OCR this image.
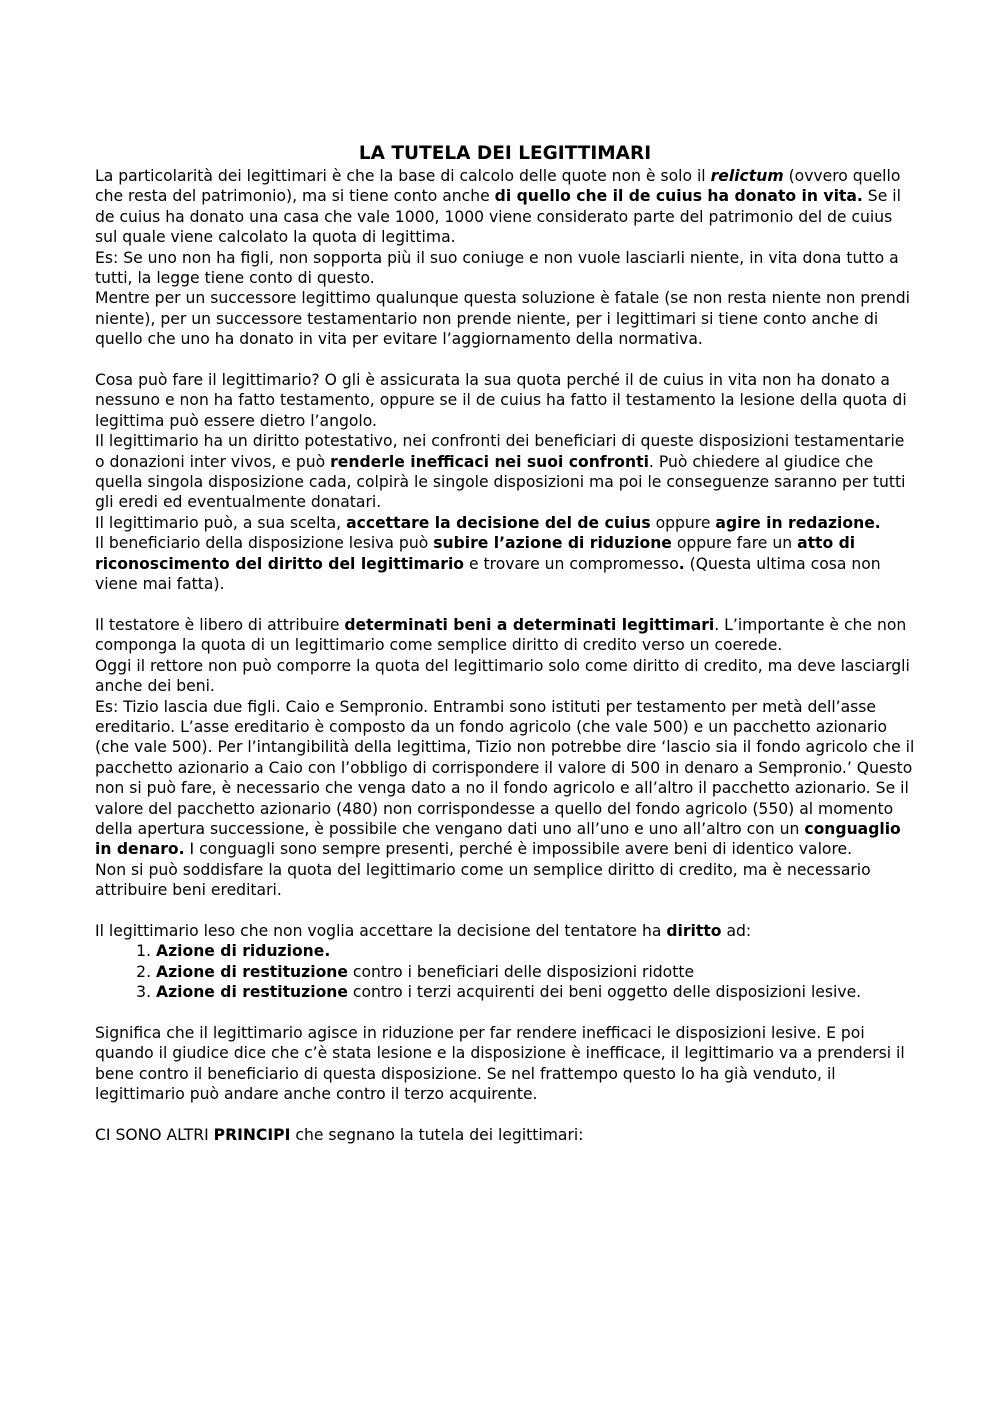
LA TUTELA DEI LEGITTIMARI

La particolarità dei legittimari è che la base di calcolo delle quote non è solo il relictum (ovvero quello che resta del patrimonio), ma si tiene conto anche di quello che il de cuius ha donato in vita. Se il de cuius ha donato una casa che vale 1000, 1000 viene considerato parte del patrimonio del de cuius sul quale viene calcolato la quota di legittima.

Es: Se uno non ha figli, non sopporta più il suo coniuge e non vuole lasciarli niente, in vita dona tutto a tutti, la legge tiene conto di questo.

Mentre per un successore legittimo qualunque questa soluzione è fatale (se non resta niente non prendi niente), per un successore testamentario non prende niente, per i legittimari si tiene conto anche di quello che uno ha donato in vita per evitare l’aggiornamento della normativa.

Cosa può fare il legittimario? O gli è assicurata la sua quota perché il de cuius in vita non ha donato a nessuno e non ha fatto testamento, oppure se il de cuius ha fatto il testamento la lesione della quota di legittima può essere dietro l’angolo.

Il legittimario ha un diritto potestativo, nei confronti dei beneficiari di queste disposizioni testamentarie o donazioni inter vivos, e può renderle inefficaci nei suoi confronti. Può chiedere al giudice che quella singola disposizione cada, colpirà le singole disposizioni ma poi le conseguenze saranno per tutti gli eredi ed eventualmente donatari.

Il legittimario può, a sua scelta, accettare la decisione del de cuius oppure agire in redazione.

Il beneficiario della disposizione lesiva può subire l’azione di riduzione oppure fare un atto di riconoscimento del diritto del legittimario e trovare un compromesso. (Questa ultima cosa non viene mai fatta).

Il testatore è libero di attribuire determinati beni a determinati legittimari. L’importante è che non componga la quota di un legittimario come semplice diritto di credito verso un coerede.

Oggi il rettore non può comporre la quota del legittimario solo come diritto di credito, ma deve lasciargli anche dei beni.

Es: Tizio lascia due figli. Caio e Sempronio. Entrambi sono istituti per testamento per metà dell’asse ereditario. L’asse ereditario è composto da un fondo agricolo (che vale 500) e un pacchetto azionario (che vale 500). Per l’intangibilità della legittima, Tizio non potrebbe dire ‘lascio sia il fondo agricolo che il pacchetto azionario a Caio con l’obbligo di corrispondere il valore di 500 in denaro a Sempronio.’ Questo non si può fare, è necessario che venga dato a no il fondo agricolo e all’altro il pacchetto azionario. Se il valore del pacchetto azionario (480) non corrispondesse a quello del fondo agricolo (550) al momento della apertura successione, è possibile che vengano dati uno all’uno e uno all’altro con un conguaglio in denaro. I conguagli sono sempre presenti, perché è impossibile avere beni di identico valore.

Non si può soddisfare la quota del legittimario come un semplice diritto di credito, ma è necessario attribuire beni ereditari.

Il legittimario leso che non voglia accettare la decisione del tentatore ha diritto ad:

1. Azione di riduzione.
2. Azione di restituzione contro i beneficiari delle disposizioni ridotte
3. Azione di restituzione contro i terzi acquirenti dei beni oggetto delle disposizioni lesive.

Significa che il legittimario agisce in riduzione per far rendere inefficaci le disposizioni lesive. E poi quando il giudice dice che c’è stata lesione e la disposizione è inefficace, il legittimario va a prendersi il bene contro il beneficiario di questa disposizione. Se nel frattempo questo lo ha già venduto, il legittimario può andare anche contro il terzo acquirente.

CI SONO ALTRI PRINCIPI che segnano la tutela dei legittimari:
